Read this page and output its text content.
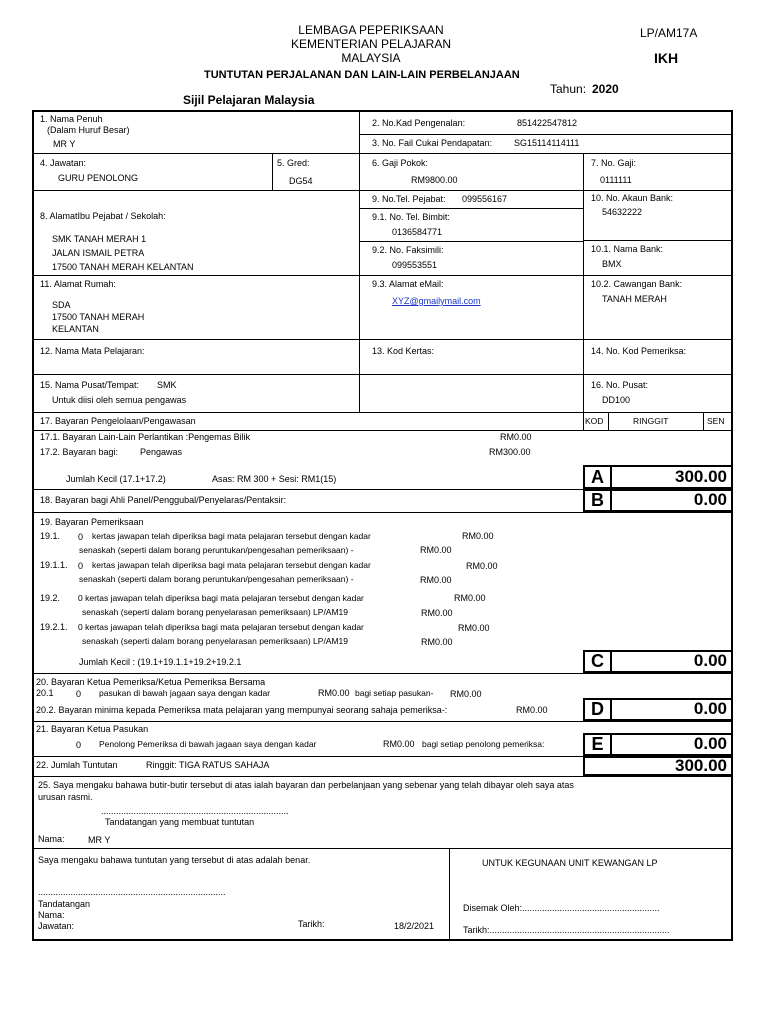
LEMBAGA PEPERIKSAAN
KEMENTERIAN PELAJARAN
MALAYSIA
TUNTUTAN PERJALANAN DAN LAIN-LAIN PERBELANJAAN
LP/AM17A
IKH
Tahun: 2020
Sijil Pelajaran Malaysia
1. Nama Penuh
(Dalam Huruf Besar)
MR Y
2. No.Kad Pengenalan:	851422547812
3. No. Fail Cukai Pendapatan: SG15114114111
4. Jawatan:
GURU PENOLONG
5. Gred:
DG54
6. Gaji Pokok:
RM9800.00
7. No. Gaji:
0111111
8. AlamatIbu Pejabat / Sekolah:
SMK TANAH MERAH 1
JALAN ISMAIL PETRA
17500 TANAH MERAH KELANTAN
9. No.Tel. Pejabat: 099556167
9.1. No. Tel. Bimbit:
0136584771
9.2. No. Faksimili:
099553551
10. No. Akaun Bank:
54632222
10.1. Nama Bank:
BMX
11. Alamat Rumah:
SDA
17500 TANAH MERAH
KELANTAN
9.3. Alamat eMail:
XYZ@gmailymail.com
10.2. Cawangan Bank:
TANAH MERAH
12. Nama Mata Pelajaran:	13. Kod Kertas:	14. No. Kod Pemeriksa:
15. Nama Pusat/Tempat: SMK
Untuk diisi oleh semua pengawas
16. No. Pusat:
DD100
17. Bayaran Pengelolaan/Pengawasan	KOD	RINGGIT	SEN
17.1. Bayaran Lain-Lain Perlantikan :Pengemas Bilik	RM0.00
17.2. Bayaran bagi: Pengawas	RM300.00
Jumlah Kecil (17.1+17.2)	Asas: RM 300 + Sesi: RM1(15)	A	300.00
18. Bayaran bagi Ahli Panel/Penggubal/Penyelaras/Pentaksir:	B	0.00
19. Bayaran Pemeriksaan
19.1. 0 kertas jawapan telah diperiksa bagi mata pelajaran tersebut dengan kadar	RM0.00
senaskah (seperti dalam borang peruntukan/pengesahan pemeriksaan) -	RM0.00
19.1.1. 0 kertas jawapan telah diperiksa bagi mata pelajaran tersebut dengan kadar	RM0.00
senaskah (seperti dalam borang peruntukan/pengesahan pemeriksaan) -	RM0.00
19.2. 0 kertas jawapan telah diperiksa bagi mata pelajaran tersebut dengan kadar	RM0.00
senaskah (seperti dalam borang penyelarasan pemeriksaan) LP/AM19	RM0.00
19.2.1. 0 kertas jawapan telah diperiksa bagi mata pelajaran tersebut dengan kadar	RM0.00
senaskah (seperti dalam borang penyelarasan pemeriksaan) LP/AM19	RM0.00
Jumlah Kecil : (19.1+19.1.1+19.2+19.2.1	C	0.00
20. Bayaran Ketua Pemeriksa/Ketua Pemeriksa Bersama
20.1 0 pasukan di bawah jagaan saya dengan kadar	RM0.00 bagi setiap pasukan- RM0.00
20.2. Bayaran minima kepada Pemeriksa mata pelajaran yang mempunyai seorang sahaja pemeriksa-:	RM0.00	D	0.00
21. Bayaran Ketua Pasukan
0 Penolong Pemeriksa di bawah jagaan saya dengan kadar	RM0.00 bagi setiap penolong pemeriksa:	E	0.00
22. Jumlah Tuntutan	Ringgit: TIGA RATUS SAHAJA	300.00
25. Saya mengaku bahawa butir-butir tersebut di atas ialah bayaran dan perbelanjaan yang sebenar yang telah dibayar oleh saya atas
urusan rasmi.
...........................................................................
Tandatangan yang membuat tuntutan
Nama:	MR Y
Saya mengaku bahawa tuntutan yang tersebut di atas adalah benar.
...........................................................................
Tandatangan
Nama:
Jawatan:	Tarikh:	18/2/2021
UNTUK KEGUNAAN UNIT KEWANGAN LP
Disemak Oleh:.......................................................
Tarikh:........................................................................
